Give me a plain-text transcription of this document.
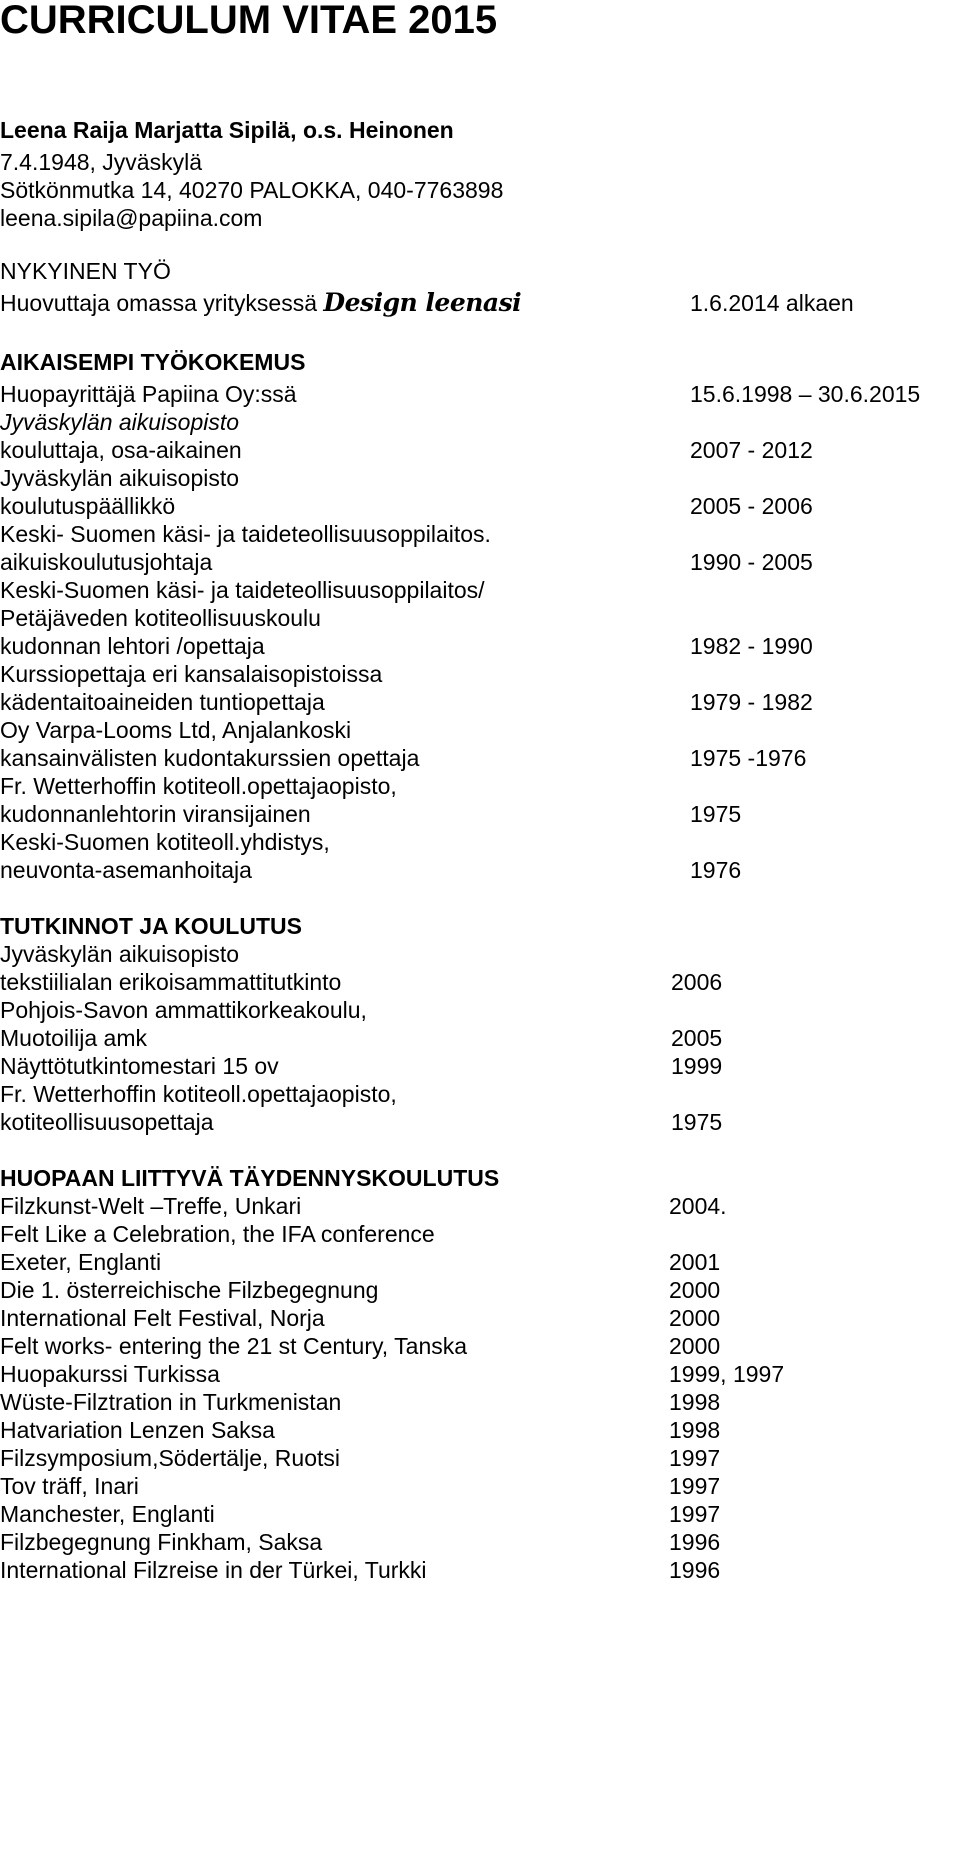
CURRICULUM VITAE 2015
Leena Raija Marjatta Sipilä, o.s. Heinonen
7.4.1948, Jyväskylä
Sötkönmutka 14, 40270 PALOKKA, 040-7763898
leena.sipila@papiina.com
NYKYINEN TYÖ
Huovuttaja omassa yrityksessä Design leenasi	1.6.2014 alkaen
AIKAISEMPI TYÖKOKEMUS
Huopayrittäjä Papiina Oy:ssä	15.6.1998 – 30.6.2015
Jyväskylän aikuisopisto
kouluttaja, osa-aikainen	2007 - 2012
Jyväskylän aikuisopisto
koulutuspäällikkö	2005 - 2006
Keski- Suomen käsi- ja taideteollisuusoppilaitos.
aikuiskoulutusjohtaja	1990 - 2005
Keski-Suomen käsi- ja taideteollisuusoppilaitos/
Petäjäveden kotiteollisuuskoulu
kudonnan lehtori /opettaja	1982 - 1990
Kurssiopettaja eri kansalaisopistoissa
kädentaitoaineiden tuntiopettaja	1979 - 1982
Oy Varpa-Looms Ltd, Anjalankoski
kansainvälisten kudontakurssien opettaja	1975 -1976
Fr. Wetterhoffin kotiteoll.opettajaopisto,
kudonnanlehtorin viransijainen	1975
Keski-Suomen kotiteoll.yhdistys,
neuvonta-asemanhoitaja	1976
TUTKINNOT JA KOULUTUS
Jyväskylän aikuisopisto
tekstiilialan erikoisammattitutkinto	2006
Pohjois-Savon ammattikorkeakoulu,
Muotoilija amk	2005
Näyttötutkintomestari 15 ov	1999
Fr. Wetterhoffin kotiteoll.opettajaopisto,
kotiteollisuusopettaja	1975
HUOPAAN LIITTYVÄ TÄYDENNYSKOULUTUS
Filzkunst-Welt –Treffe, Unkari	2004.
Felt Like a Celebration, the IFA conference
Exeter, Englanti	2001
Die 1. österreichische Filzbegegnung	2000
International Felt Festival, Norja	2000
Felt works- entering the 21 st Century, Tanska	2000
Huopakurssi Turkissa	1999, 1997
Wüste-Filztration in Turkmenistan	1998
Hatvariation Lenzen Saksa	1998
Filzsymposium,Södertälje, Ruotsi	1997
Tov träff, Inari	1997
Manchester, Englanti	1997
Filzbegegnung Finkham, Saksa	1996
International Filzreise in der Türkei, Turkki	1996
